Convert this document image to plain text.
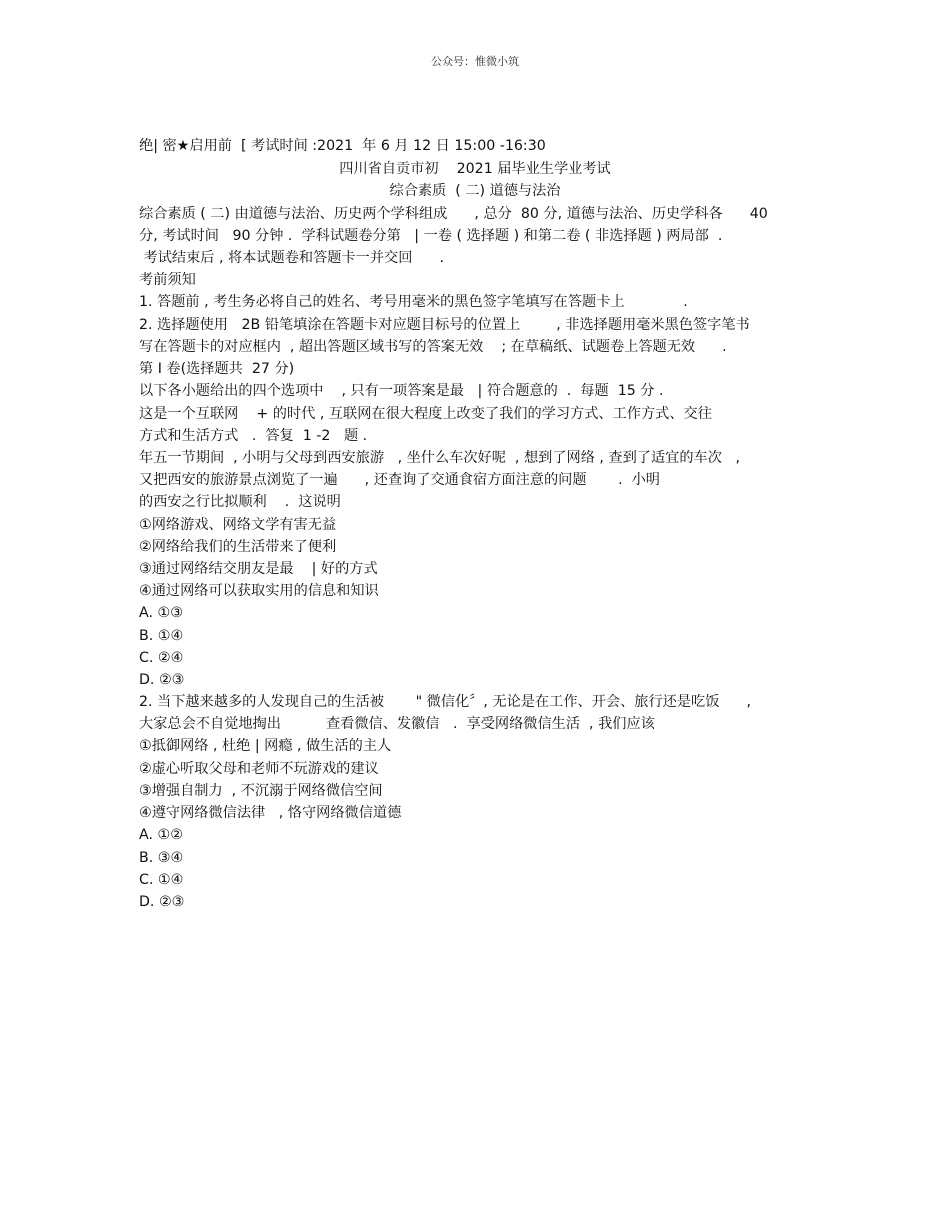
公众号：惟微小筑
绝| 密★启用前  [ 考试时间 :2021  年 6 月 12 日 15:00 -16:30
四川省自贡市初    2021 届毕业生学业考试
综合素质  ( 二) 道德与法治
综合素质 ( 二) 由道德与法治、历史两个学科组成      , 总分  80 分, 道德与法治、历史学科各      40
分, 考试时间   90 分钟 .  学科试题卷分第   | 一卷 ( 选择题 ) 和第二卷 ( 非选择题 ) 两局部  .
考试结束后 , 将本试题卷和答题卡一并交回      .
考前须知
1. 答题前 , 考生务必将自己的姓名、考号用毫米的黑色签字笔填写在答题卡上             .
2. 选择题使用   2B 铅笔填涂在答题卡对应题目标号的位置上        , 非选择题用毫米黑色签字笔书
写在答题卡的对应框内  , 超出答题区域书写的答案无效    ; 在草稿纸、试题卷上答题无效      .
第 Ⅰ 卷(选择题共  27 分)
以下各小题给出的四个选项中    , 只有一项答案是最   | 符合题意的  .  每题  15 分 .
这是一个互联网    + 的时代 , 互联网在很大程度上改变了我们的学习方式、工作方式、交往
方式和生活方式   .  答复  1 -2   题 .
年五一节期间  , 小明与父母到西安旅游   , 坐什么车次好呢  , 想到了网络 , 查到了适宜的车次   ,
又把西安的旅游景点浏览了一遍      , 还查询了交通食宿方面注意的问题       .  小明
的西安之行比拟顺利    .  这说明
①网络游戏、网络文学有害无益
②网络给我们的生活带来了便利
③通过网络结交朋友是最    | 好的方式
④通过网络可以获取实用的信息和知识
A. ①③
B. ①④
C. ②④
D. ②③
2. 当下越来越多的人发现自己的生活被       " 微信化〞, 无论是在工作、开会、旅行还是吃饭      ,
大家总会不自觉地掏出          查看微信、发徽信   .  享受网络微信生活  , 我们应该
①抵御网络 , 杜绝 | 网瘾 , 做生活的主人
②虚心听取父母和老师不玩游戏的建议
③增强自制力  , 不沉溺于网络微信空间
④遵守网络微信法律   , 恪守网络微信道德
A. ①②
B. ③④
C. ①④
D. ②③
